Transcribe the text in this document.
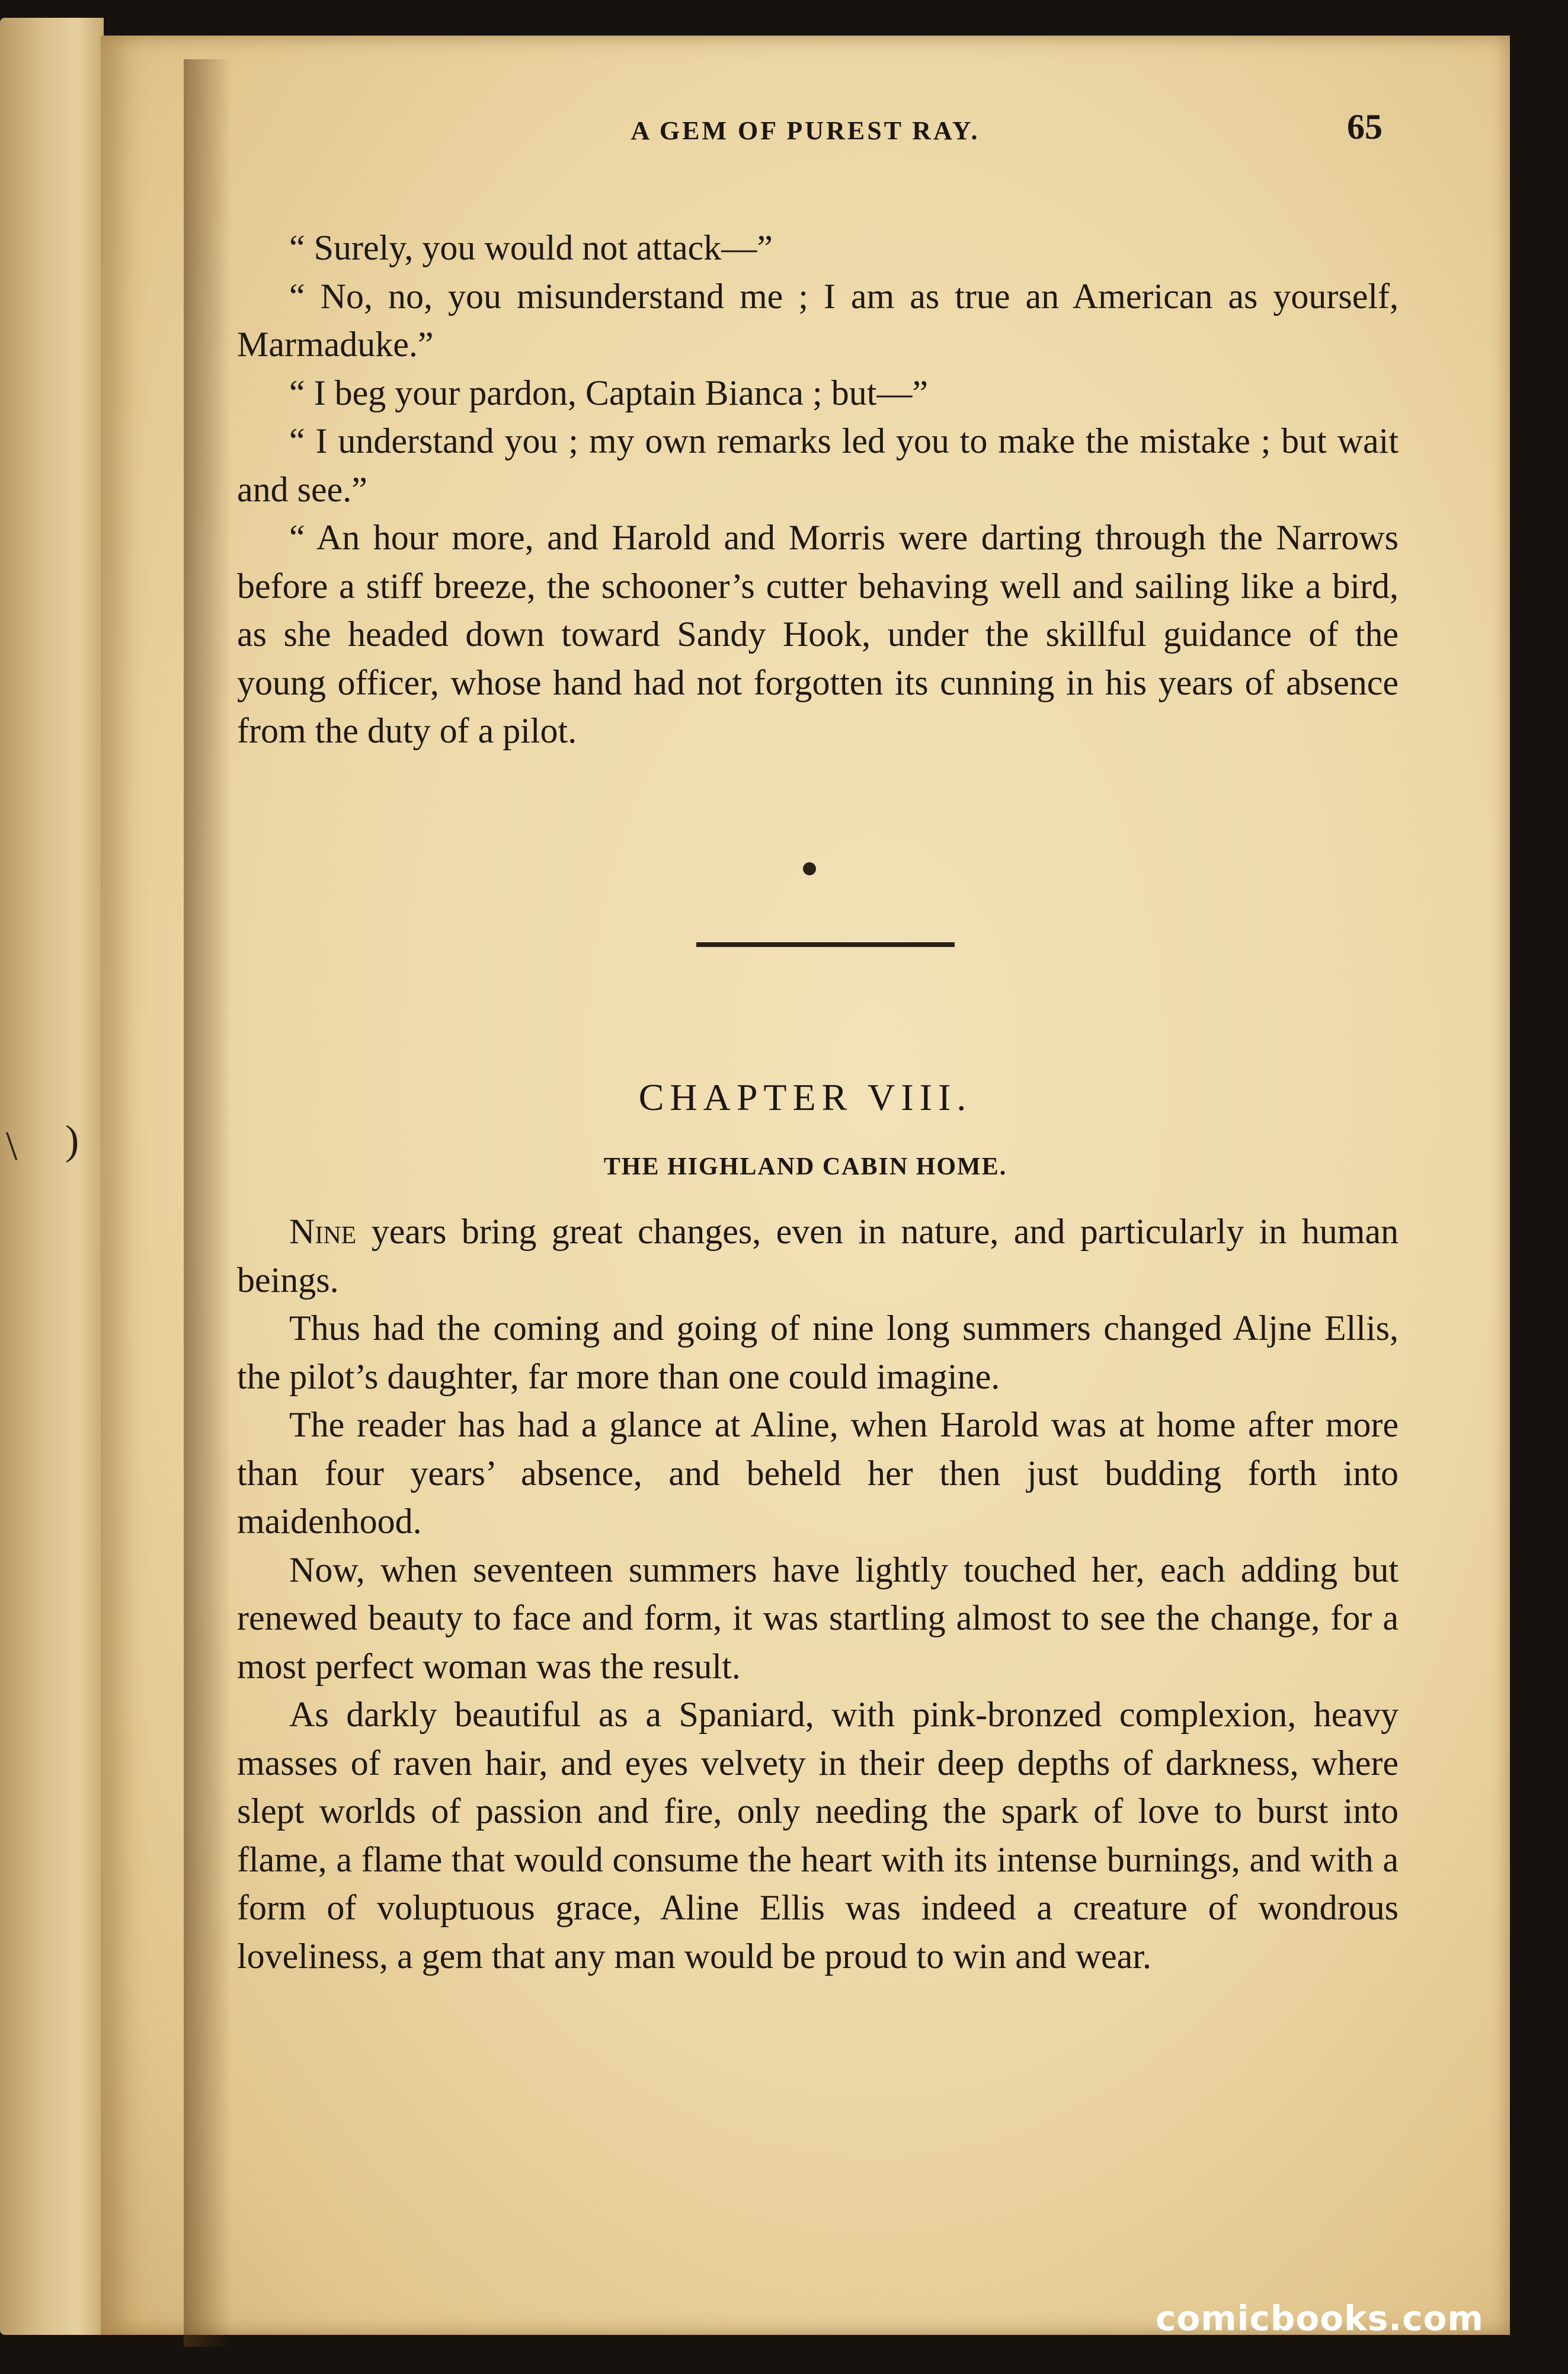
\ )
A GEM OF PUREST RAY.	65

“ Surely, you would not attack—”

“ No, no, you misunderstand me ; I am as true an American as yourself, Marmaduke.”

“ I beg your pardon, Captain Bianca ; but—”

“ I understand you ; my own remarks led you to make the mistake ; but wait and see.”

“ An hour more, and Harold and Morris were darting through the Narrows before a stiff breeze, the schooner’s cutter behaving well and sailing like a bird, as she headed down toward Sandy Hook, under the skillful guidance of the young officer, whose hand had not forgotten its cunning in his years of absence from the duty of a pilot.

CHAPTER VIII.
THE HIGHLAND CABIN HOME.

Nine years bring great changes, even in nature, and particularly in human beings.

Thus had the coming and going of nine long summers changed Aljne Ellis, the pilot’s daughter, far more than one could imagine.

The reader has had a glance at Aline, when Harold was at home after more than four years’ absence, and beheld her then just budding forth into maidenhood.

Now, when seventeen summers have lightly touched her, each adding but renewed beauty to face and form, it was startling almost to see the change, for a most perfect woman was the result.

As darkly beautiful as a Spaniard, with pink-bronzed complexion, heavy masses of raven hair, and eyes velvety in their deep depths of darkness, where slept worlds of passion and fire, only needing the spark of love to burst into flame, a flame that would consume the heart with its intense burnings, and with a form of voluptuous grace, Aline Ellis was indeed a creature of wondrous loveliness, a gem that any man would be proud to win and wear.

comicbooks.com
